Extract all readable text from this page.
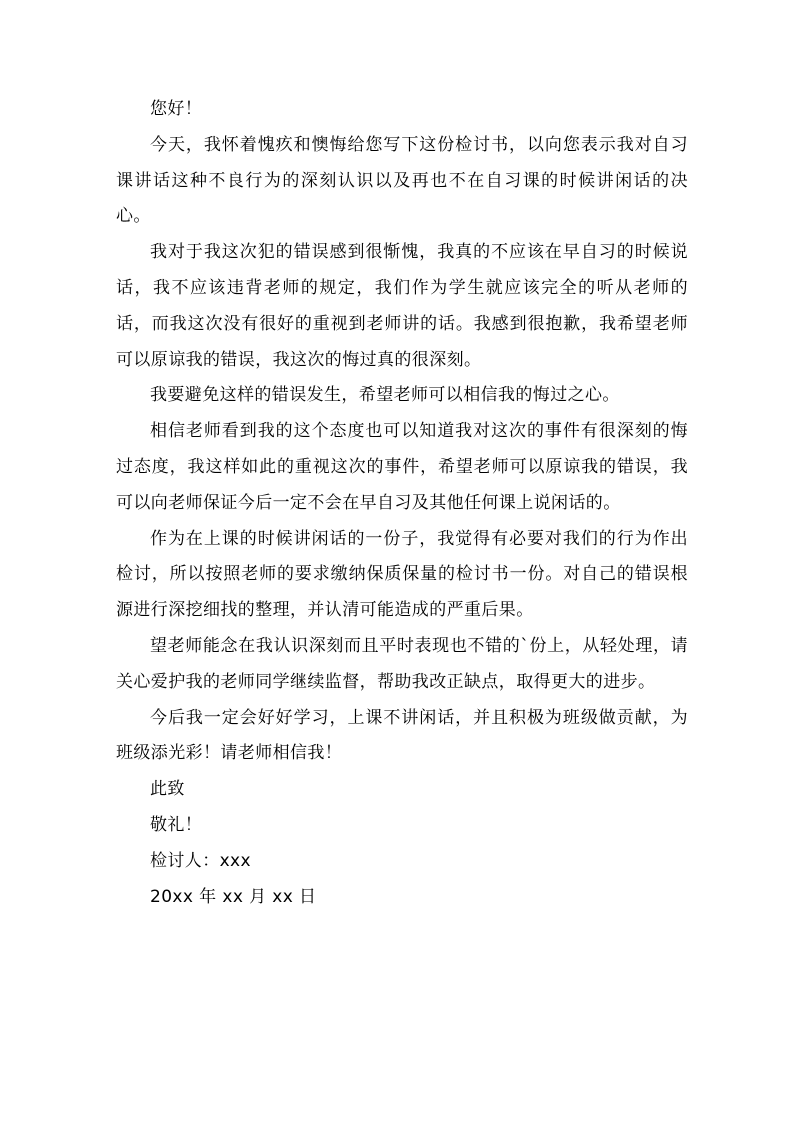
您好！

今天，我怀着愧疚和懊悔给您写下这份检讨书，以向您表示我对自习课讲话这种不良行为的深刻认识以及再也不在自习课的时候讲闲话的决心。

我对于我这次犯的错误感到很惭愧，我真的不应该在早自习的时候说话，我不应该违背老师的规定，我们作为学生就应该完全的听从老师的话，而我这次没有很好的重视到老师讲的话。我感到很抱歉，我希望老师可以原谅我的错误，我这次的悔过真的很深刻。

我要避免这样的错误发生，希望老师可以相信我的悔过之心。

相信老师看到我的这个态度也可以知道我对这次的事件有很深刻的悔过态度，我这样如此的重视这次的事件，希望老师可以原谅我的错误，我可以向老师保证今后一定不会在早自习及其他任何课上说闲话的。

作为在上课的时候讲闲话的一份子，我觉得有必要对我们的行为作出检讨，所以按照老师的要求缴纳保质保量的检讨书一份。对自己的错误根源进行深挖细找的整理，并认清可能造成的严重后果。

望老师能念在我认识深刻而且平时表现也不错的`份上，从轻处理，请关心爱护我的老师同学继续监督，帮助我改正缺点，取得更大的进步。

今后我一定会好好学习，上课不讲闲话，并且积极为班级做贡献，为班级添光彩！请老师相信我！

此致

敬礼！

检讨人：xxx

20xx 年 xx 月 xx 日
